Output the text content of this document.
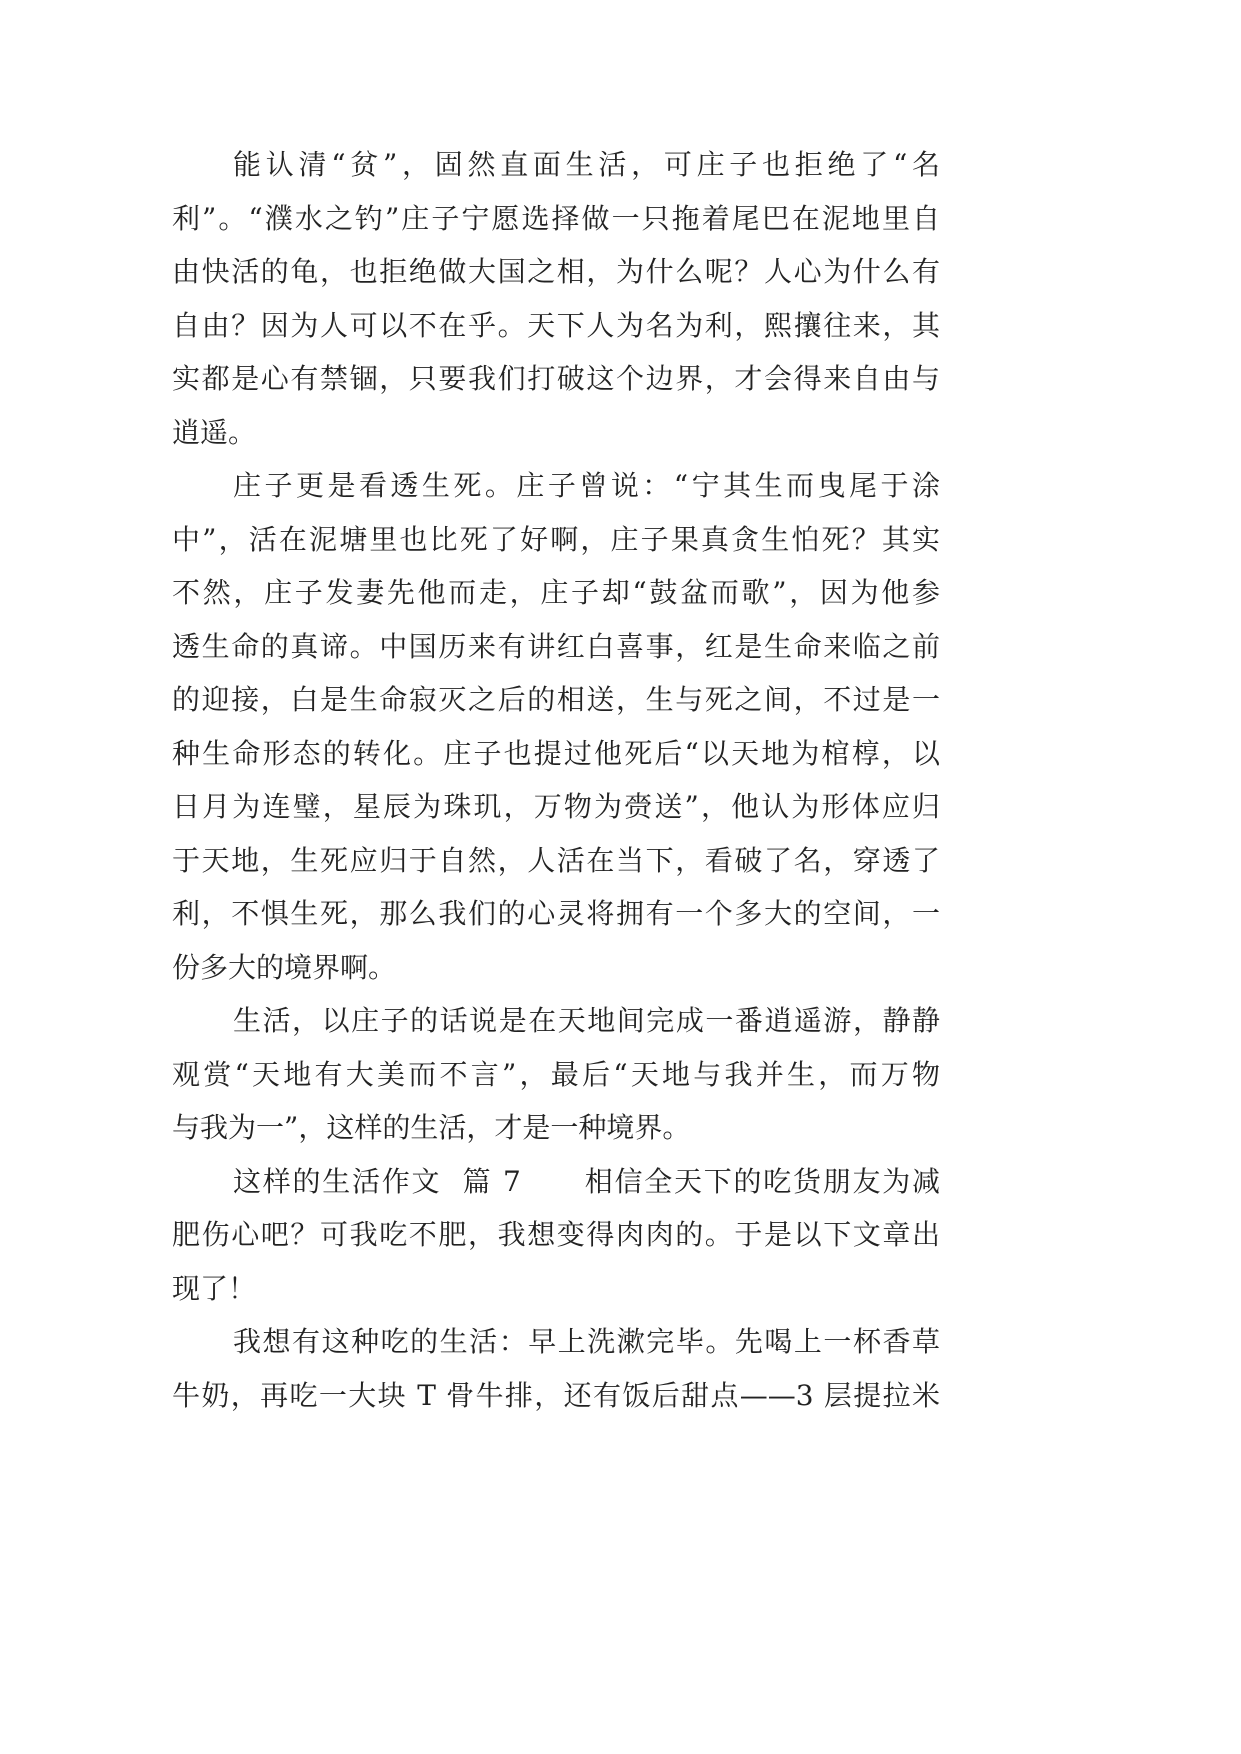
能认清“贫”，固然直面生活，可庄子也拒绝了“名
利”。“濮水之钓”庄子宁愿选择做一只拖着尾巴在泥地里自
由快活的龟，也拒绝做大国之相，为什么呢？人心为什么有
自由？因为人可以不在乎。天下人为名为利，熙攘往来，其
实都是心有禁锢，只要我们打破这个边界，才会得来自由与
逍遥。
庄子更是看透生死。庄子曾说：“宁其生而曳尾于涂
中”，活在泥塘里也比死了好啊，庄子果真贪生怕死？其实
不然，庄子发妻先他而走，庄子却“鼓盆而歌”，因为他参
透生命的真谛。中国历来有讲红白喜事，红是生命来临之前
的迎接，白是生命寂灭之后的相送，生与死之间，不过是一
种生命形态的转化。庄子也提过他死后“以天地为棺椁，以
日月为连璧，星辰为珠玑，万物为赍送”，他认为形体应归
于天地，生死应归于自然，人活在当下，看破了名，穿透了
利，不惧生死，那么我们的心灵将拥有一个多大的空间，一
份多大的境界啊。
生活，以庄子的话说是在天地间完成一番逍遥游，静静
观赏“天地有大美而不言”，最后“天地与我并生，而万物
与我为一”，这样的生活，才是一种境界。
这样的生活作文  篇 7      相信全天下的吃货朋友为减
肥伤心吧？可我吃不肥，我想变得肉肉的。于是以下文章出
现了！
我想有这种吃的生活：早上洗漱完毕。先喝上一杯香草
牛奶，再吃一大块 T 骨牛排，还有饭后甜点——3 层提拉米
